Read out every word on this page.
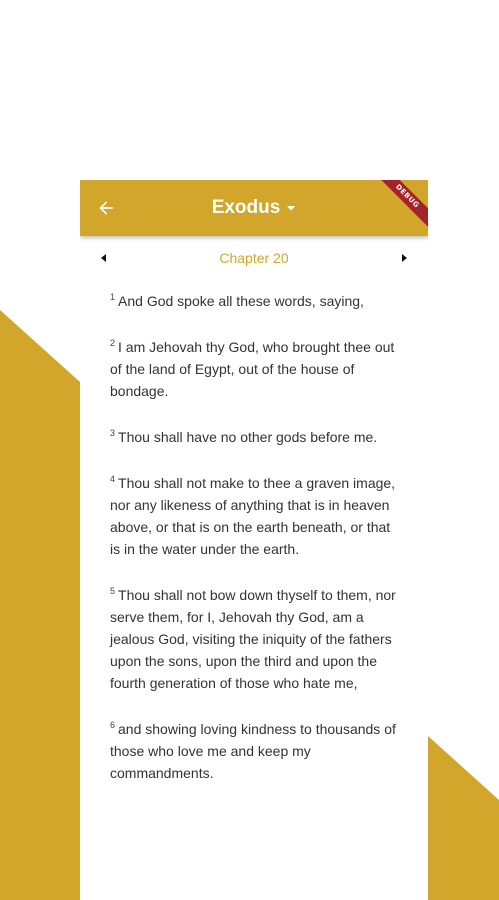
Exodus	DEBUG
Chapter 20
$^1$ And God spoke all these words, saying,
$^2$ I am Jehovah thy God, who brought thee out of the land of Egypt, out of the house of bondage.
$^3$ Thou shall have no other gods before me.
$^4$ Thou shall not make to thee a graven image, nor any likeness of anything that is in heaven above, or that is on the earth beneath, or that is in the water under the earth.
$^5$ Thou shall not bow down thyself to them, nor serve them, for I, Jehovah thy God, am a jealous God, visiting the iniquity of the fathers upon the sons, upon the third and upon the fourth generation of those who hate me,
$^6$ and showing loving kindness to thousands of those who love me and keep my commandments.
